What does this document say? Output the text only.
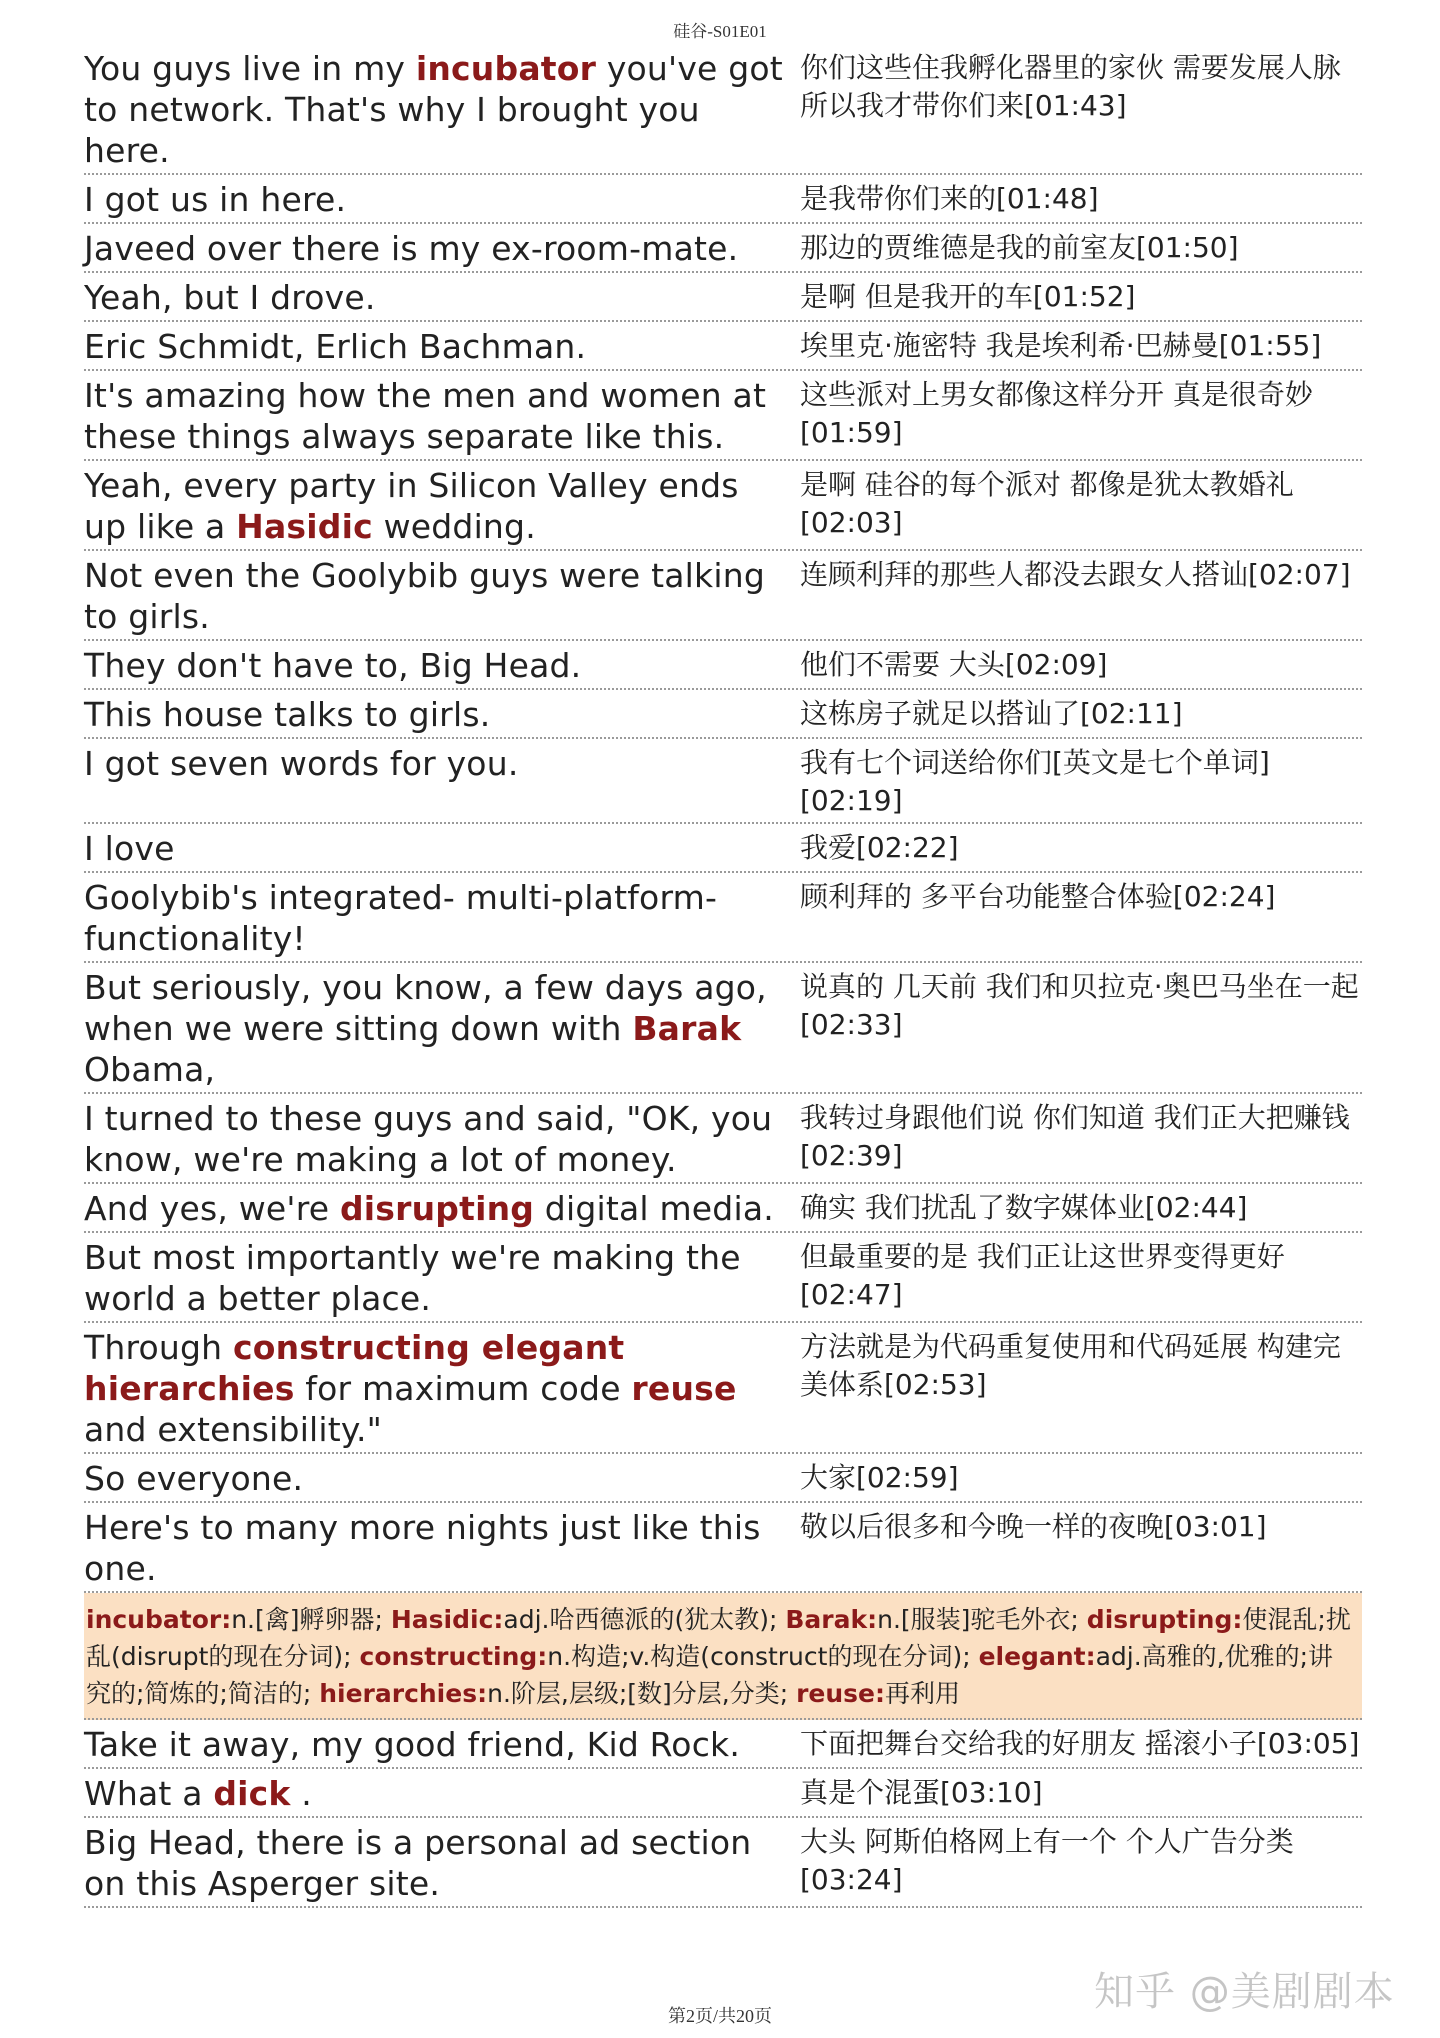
硅谷-S01E01
You guys live in my incubator you've got to network. That's why I brought you here.
你们这些住我孵化器里的家伙 需要发展人脉 所以我才带你们来[01:43]
I got us in here.	是我带你们来的[01:48]
Javeed over there is my ex-room-mate.	那边的贾维德是我的前室友[01:50]
Yeah, but I drove.	是啊 但是我开的车[01:52]
Eric Schmidt, Erlich Bachman.	埃里克·施密特 我是埃利希·巴赫曼[01:55]
It's amazing how the men and women at these things always separate like this.
这些派对上男女都像这样分开 真是很奇妙[01:59]
Yeah, every party in Silicon Valley ends up like a Hasidic wedding.
是啊 硅谷的每个派对 都像是犹太教婚礼[02:03]
Not even the Goolybib guys were talking to girls.
连顾利拜的那些人都没去跟女人搭讪[02:07]
They don't have to, Big Head.	他们不需要 大头[02:09]
This house talks to girls.	这栋房子就足以搭讪了[02:11]
I got seven words for you.	我有七个词送给你们[英文是七个单词][02:19]
I love	我爱[02:22]
Goolybib's integrated- multi-platform- functionality!
顾利拜的 多平台功能整合体验[02:24]
But seriously, you know, a few days ago, when we were sitting down with Barak Obama,
说真的 几天前 我们和贝拉克·奥巴马坐在一起[02:33]
I turned to these guys and said, "OK, you know, we're making a lot of money.
我转过身跟他们说 你们知道 我们正大把赚钱[02:39]
And yes, we're disrupting digital media. 确实 我们扰乱了数字媒体业[02:44]
But most importantly we're making the world a better place.
但最重要的是 我们正让这世界变得更好[02:47]
Through constructing elegant hierarchies for maximum code reuse and extensibility."
方法就是为代码重复使用和代码延展 构建完美体系[02:53]
So everyone.	大家[02:59]
Here's to many more nights just like this one.
敬以后很多和今晚一样的夜晚[03:01]
incubator:n.[禽]孵卵器; Hasidic:adj.哈西德派的(犹太教); Barak:n.[服装]驼毛外衣; disrupting:使混乱;扰乱(disrupt的现在分词); constructing:n.构造;v.构造(construct的现在分词); elegant:adj.高雅的,优雅的;讲究的;简炼的;简洁的; hierarchies:n.阶层,层级;[数]分层,分类; reuse:再利用
Take it away, my good friend, Kid Rock.	下面把舞台交给我的好朋友 摇滚小子[03:05]
What a dick .	真是个混蛋[03:10]
Big Head, there is a personal ad section on this Asperger site.
大头 阿斯伯格网上有一个 个人广告分类[03:24]
知乎 @美剧剧本
第2页/共20页
